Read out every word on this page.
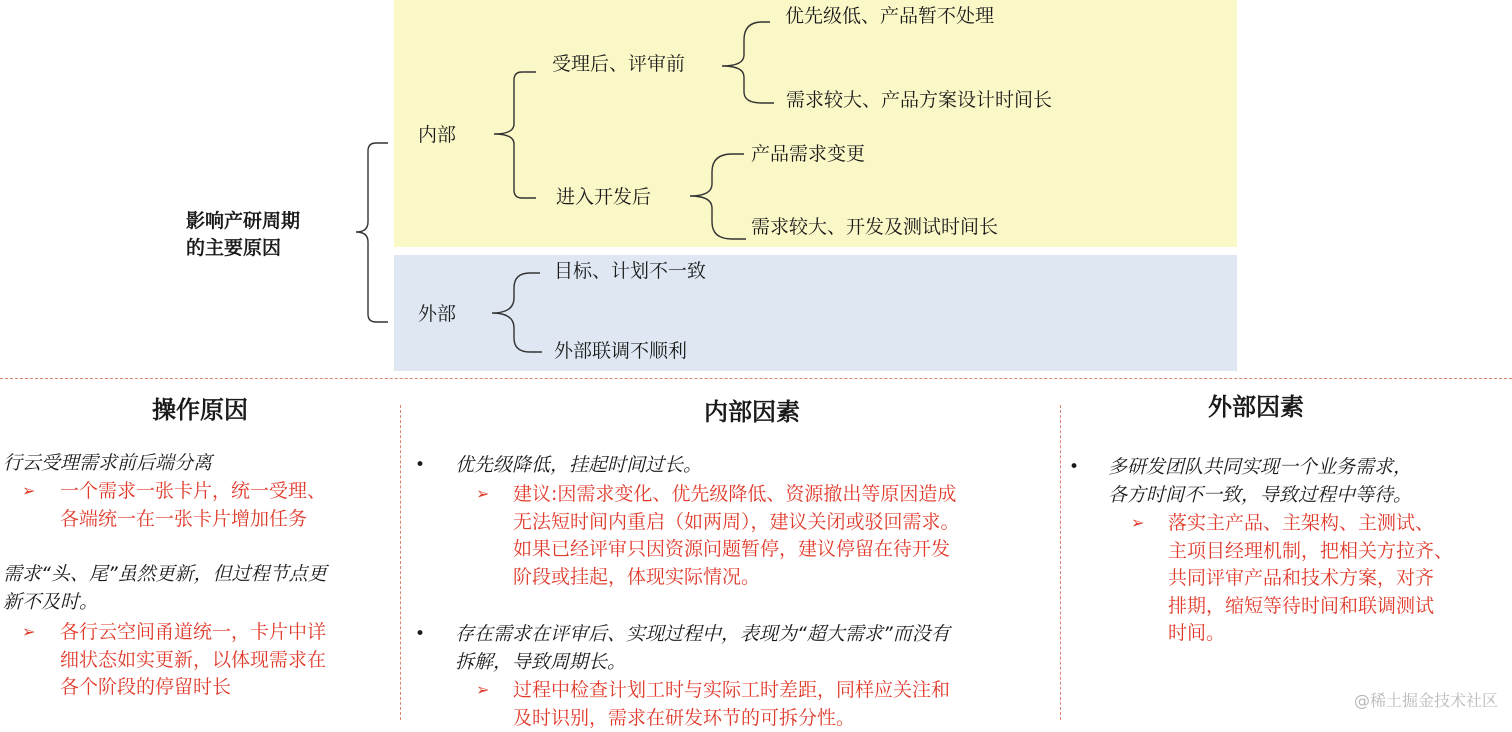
影响产研周期
的主要原因
内部
受理后、评审前
优先级低、产品暂不处理
需求较大、产品方案设计时间长
进入开发后
产品需求变更
需求较大、开发及测试时间长
外部
目标、计划不一致
外部联调不顺利
操作原因
行云受理需求前后端分离
➢ 一个需求一张卡片，统一受理、
各端统一在一张卡片增加任务
需求“头、尾”虽然更新，但过程节点更
新不及时。
➢ 各行云空间甬道统一，卡片中详
细状态如实更新，以体现需求在
各个阶段的停留时长
内部因素
• 优先级降低，挂起时间过长。
➢ 建议:因需求变化、优先级降低、资源撤出等原因造成
无法短时间内重启（如两周），建议关闭或驳回需求。
如果已经评审只因资源问题暂停，建议停留在待开发
阶段或挂起，体现实际情况。
• 存在需求在评审后、实现过程中，表现为“超大需求”而没有
拆解，导致周期长。
➢ 过程中检查计划工时与实际工时差距，同样应关注和
及时识别，需求在研发环节的可拆分性。
外部因素
• 多研发团队共同实现一个业务需求，
各方时间不一致，导致过程中等待。
➢ 落实主产品、主架构、主测试、
主项目经理机制，把相关方拉齐、
共同评审产品和技术方案，对齐
排期，缩短等待时间和联调测试
时间。
@稀土掘金技术社区
